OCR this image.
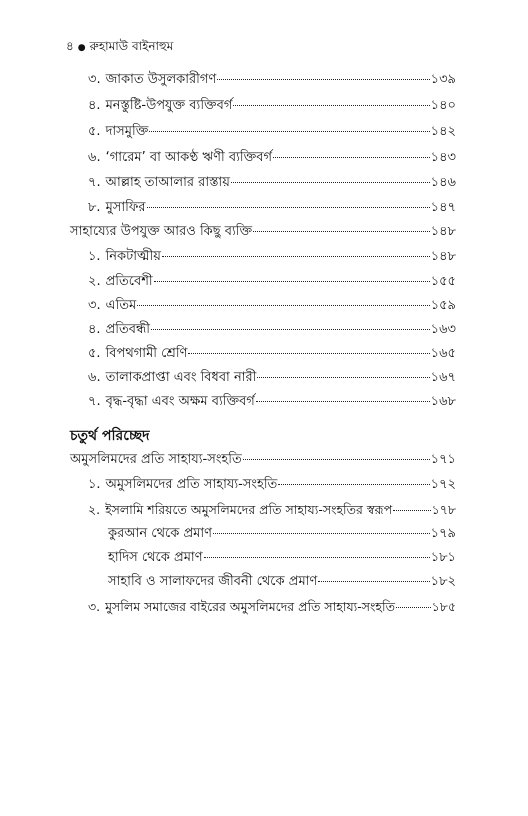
৪ ● রুহামাউ বাইনাহুম
৩. জাকাত উসুলকারীগণ	১৩৯
৪. মনস্তুষ্টি-উপযুক্ত ব্যক্তিবর্গ	১৪০
৫. দাসমুক্তি	১৪২
৬. ‘গারেম’ বা আকণ্ঠ ঋণী ব্যক্তিবর্গ	১৪৩
৭. আল্লাহ তাআলার রাস্তায়	১৪৬
৮. মুসাফির	১৪৭
সাহায্যের উপযুক্ত আরও কিছু ব্যক্তি	১৪৮
১. নিকটাত্মীয়	১৪৮
২. প্রতিবেশী	১৫৫
৩. এতিম	১৫৯
৪. প্রতিবন্ধী	১৬৩
৫. বিপথগামী শ্রেণি	১৬৫
৬. তালাকপ্রাপ্তা এবং বিধবা নারী	১৬৭
চতুর্থ পরিচ্ছেদ
৭. বৃদ্ধ-বৃদ্ধা এবং অক্ষম ব্যক্তিবর্গ	১৬৮
অমুসলিমদের প্রতি সাহায্য-সংহতি	১৭১
১. অমুসলিমদের প্রতি সাহায্য-সংহতি	১৭২
২. ইসলামি শরিয়তে অমুসলিমদের প্রতি সাহায্য-সংহতির স্বরূপ	১৭৮
কুরআন থেকে প্রমাণ	১৭৯
হাদিস থেকে প্রমাণ	১৮১
সাহাবি ও সালাফদের জীবনী থেকে প্রমাণ	১৮২
৩. মুসলিম সমাজের বাইরের অমুসলিমদের প্রতি সাহায্য-সংহতি	১৮৫
